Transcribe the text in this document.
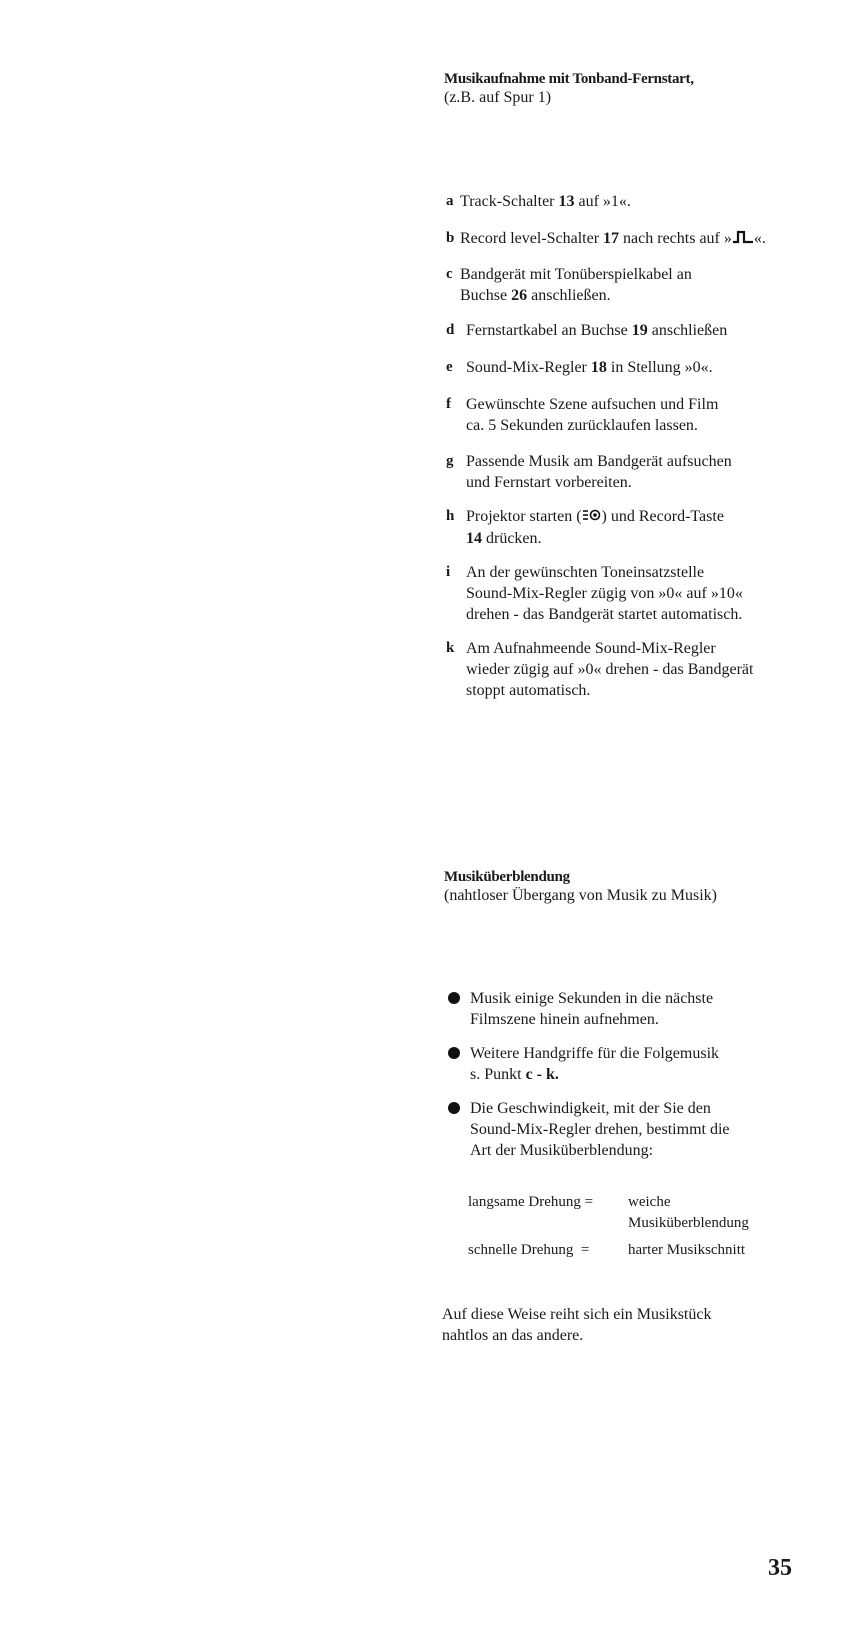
Musikaufnahme mit Tonband-Fernstart,
(z.B. auf Spur 1)
a Track-Schalter 13 auf »1«.
b Record level-Schalter 17 nach rechts auf » «.
c Bandgerät mit Tonüberspielkabel an
Buchse 26 anschließen.
d Fernstartkabel an Buchse 19 anschließen
e Sound-Mix-Regler 18 in Stellung »0«.
f Gewünschte Szene aufsuchen und Film
ca. 5 Sekunden zurücklaufen lassen.
g Passende Musik am Bandgerät aufsuchen
und Fernstart vorbereiten.
h Projektor starten ( ) und Record-Taste
14 drücken.
i An der gewünschten Toneinsatzstelle
Sound-Mix-Regler zügig von »0« auf »10«
drehen - das Bandgerät startet automatisch.
k Am Aufnahmeende Sound-Mix-Regler
wieder zügig auf »0« drehen - das Bandgerät
stoppt automatisch.
Musiküberblendung
(nahtloser Übergang von Musik zu Musik)
Musik einige Sekunden in die nächste
Filmszene hinein aufnehmen.
Weitere Handgriffe für die Folgemusik
s. Punkt c - k.
Die Geschwindigkeit, mit der Sie den
Sound-Mix-Regler drehen, bestimmt die
Art der Musiküberblendung:
langsame Drehung = weiche
Musiküberblendung
schnelle Drehung  =	harter Musikschnitt
Auf diese Weise reiht sich ein Musikstück
nahtlos an das andere.
35
